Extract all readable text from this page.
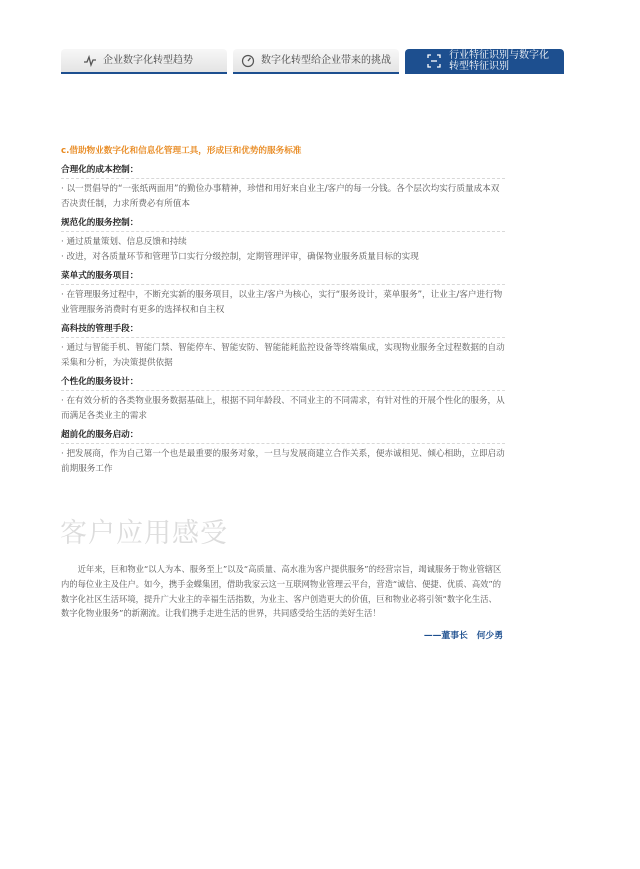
企业数字化转型趋势	数字化转型给企业带来的挑战	行业特征识别与数字化转型特征识别
c.借助物业数字化和信息化管理工具，形成巨和优势的服务标准
合理化的成本控制：
· 以一贯倡导的“一张纸两面用”的勤俭办事精神，珍惜和用好来自业主/客户的每一分钱。各个层次均实行质量成本双否决责任制，力求所费必有所值本
规范化的服务控制：
· 通过质量策划、信息反馈和持续
· 改进，对各质量环节和管理节口实行分级控制，定期管理评审，确保物业服务质量目标的实现
菜单式的服务项目：
· 在管理服务过程中，不断充实新的服务项目，以业主/客户为核心，实行“服务设计，菜单服务”，让业主/客户进行物业管理服务消费时有更多的选择权和自主权
高科技的管理手段：
· 通过与智能手机、智能门禁、智能停车、智能安防、智能能耗监控设备等终端集成，实现物业服务全过程数据的自动采集和分析，为决策提供依据
个性化的服务设计：
· 在有效分析的各类物业服务数据基础上，根据不同年龄段、不同业主的不同需求，有针对性的开展个性化的服务，从而满足各类业主的需求
超前化的服务启动：
· 把发展商，作为自己第一个也是最重要的服务对象，一旦与发展商建立合作关系，便赤诚相见、倾心相助，立即启动前期服务工作
客户应用感受
近年来，巨和物业“以人为本、服务至上”以及“高质量、高水准为客户提供服务”的经营宗旨，竭诚服务于物业管辖区内的每位业主及住户。如今，携手金蝶集团，借助我家云这一互联网物业管理云平台，营造“诚信、便捷、优质、高效”的数字化社区生活环境，提升广大业主的幸福生活指数，为业主、客户创造更大的价值，巨和物业必将引领“数字化生活、数字化物业服务”的新潮流。让我们携手走进生活的世界，共同感受给生活的美好生活！
——董事长　何少勇
